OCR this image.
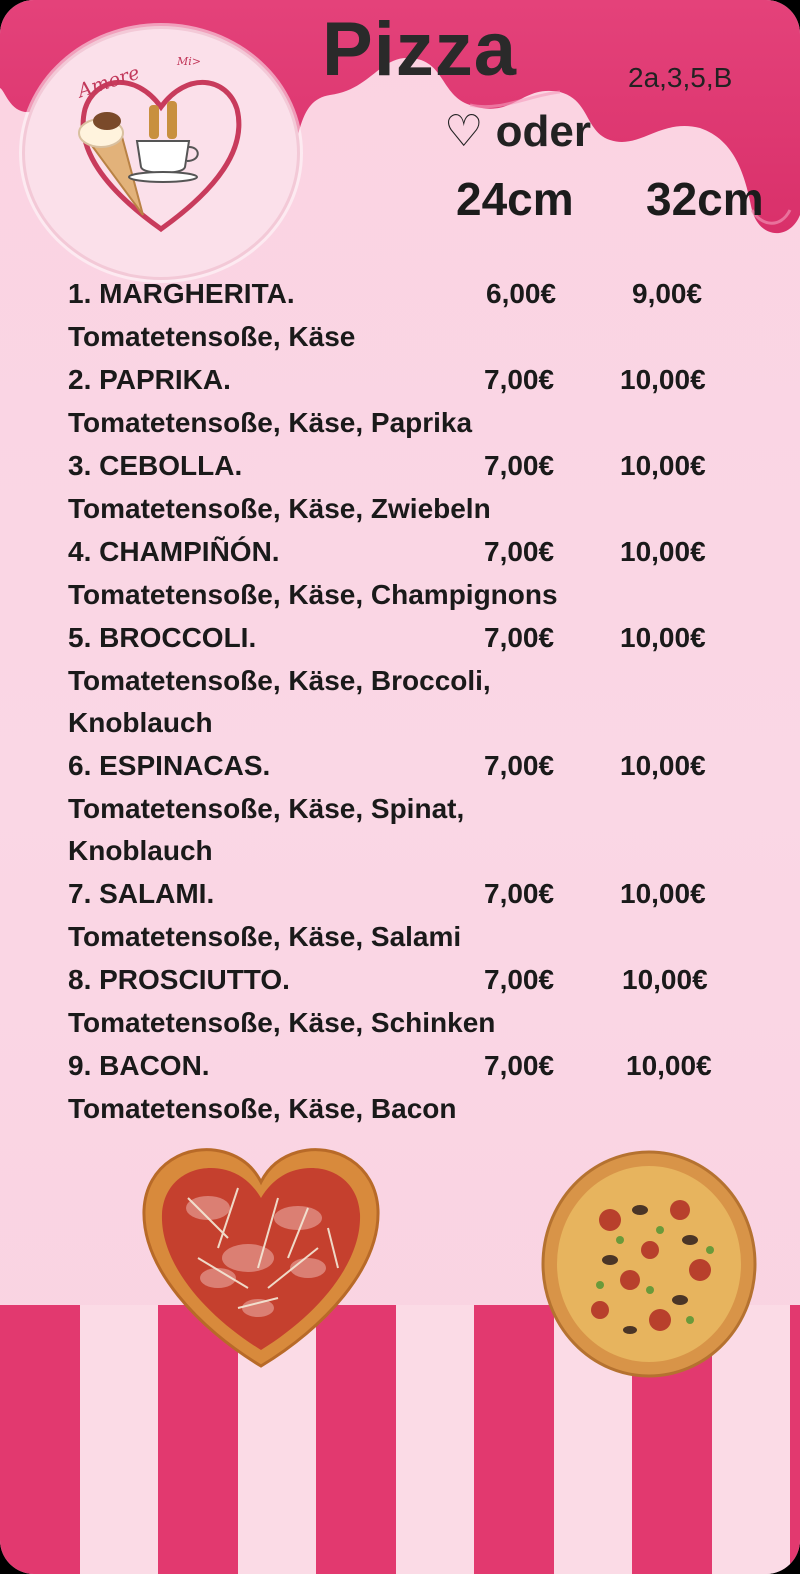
Amore
Mi> Pizza	2a,3,5,B
♡ oder
24cm 32cm
1. MARGHERITA.	6,00€	9,00€
Tomatetensoße, Käse
2. PAPRIKA.	7,00€ 10,00€
Tomatetensoße, Käse, Paprika
3. CEBOLLA.	7,00€ 10,00€
Tomatetensoße, Käse, Zwiebeln
4. CHAMPIÑÓN.	7,00€ 10,00€
Tomatetensoße, Käse, Champignons
5. BROCCOLI.	7,00€ 10,00€
Tomatetensoße, Käse, Broccoli, Knoblauch
6. ESPINACAS.	7,00€ 10,00€
Tomatetensoße, Käse, Spinat, Knoblauch
7. SALAMI.	7,00€ 10,00€
Tomatetensoße, Käse, Salami
8. PROSCIUTTO.	7,00€ 10,00€
Tomatetensoße, Käse, Schinken
9. BACON.	7,00€	10,00€
Tomatetensoße, Käse, Bacon
